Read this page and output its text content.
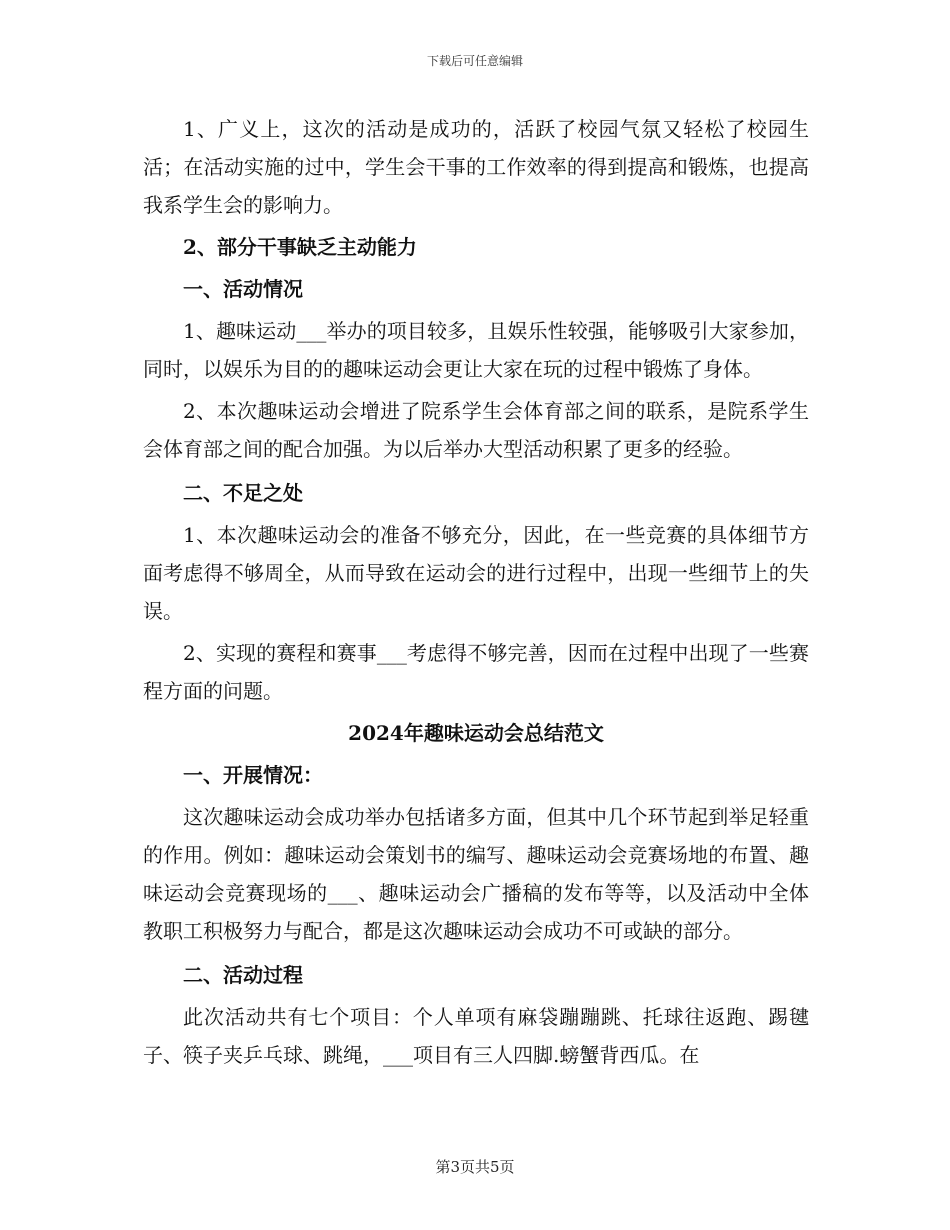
下载后可任意编辑

1、广义上，这次的活动是成功的，活跃了校园气氛又轻松了校园生活；在活动实施的过中，学生会干事的工作效率的得到提高和锻炼，也提高我系学生会的影响力。

2、部分干事缺乏主动能力

一、活动情况

1、趣味运动___举办的项目较多，且娱乐性较强，能够吸引大家参加，同时，以娱乐为目的的趣味运动会更让大家在玩的过程中锻炼了身体。

2、本次趣味运动会增进了院系学生会体育部之间的联系，是院系学生会体育部之间的配合加强。为以后举办大型活动积累了更多的经验。

二、不足之处

1、本次趣味运动会的准备不够充分，因此，在一些竞赛的具体细节方面考虑得不够周全，从而导致在运动会的进行过程中，出现一些细节上的失误。

2、实现的赛程和赛事___考虑得不够完善，因而在过程中出现了一些赛程方面的问题。

2024年趣味运动会总结范文

一、开展情况：

这次趣味运动会成功举办包括诸多方面，但其中几个环节起到举足轻重的作用。例如：趣味运动会策划书的编写、趣味运动会竞赛场地的布置、趣味运动会竞赛现场的___、趣味运动会广播稿的发布等等，以及活动中全体教职工积极努力与配合，都是这次趣味运动会成功不可或缺的部分。

二、活动过程

此次活动共有七个项目：个人单项有麻袋蹦蹦跳、托球往返跑、踢毽子、筷子夹乒乓球、跳绳，___项目有三人四脚.螃蟹背西瓜。在

第3页共5页
